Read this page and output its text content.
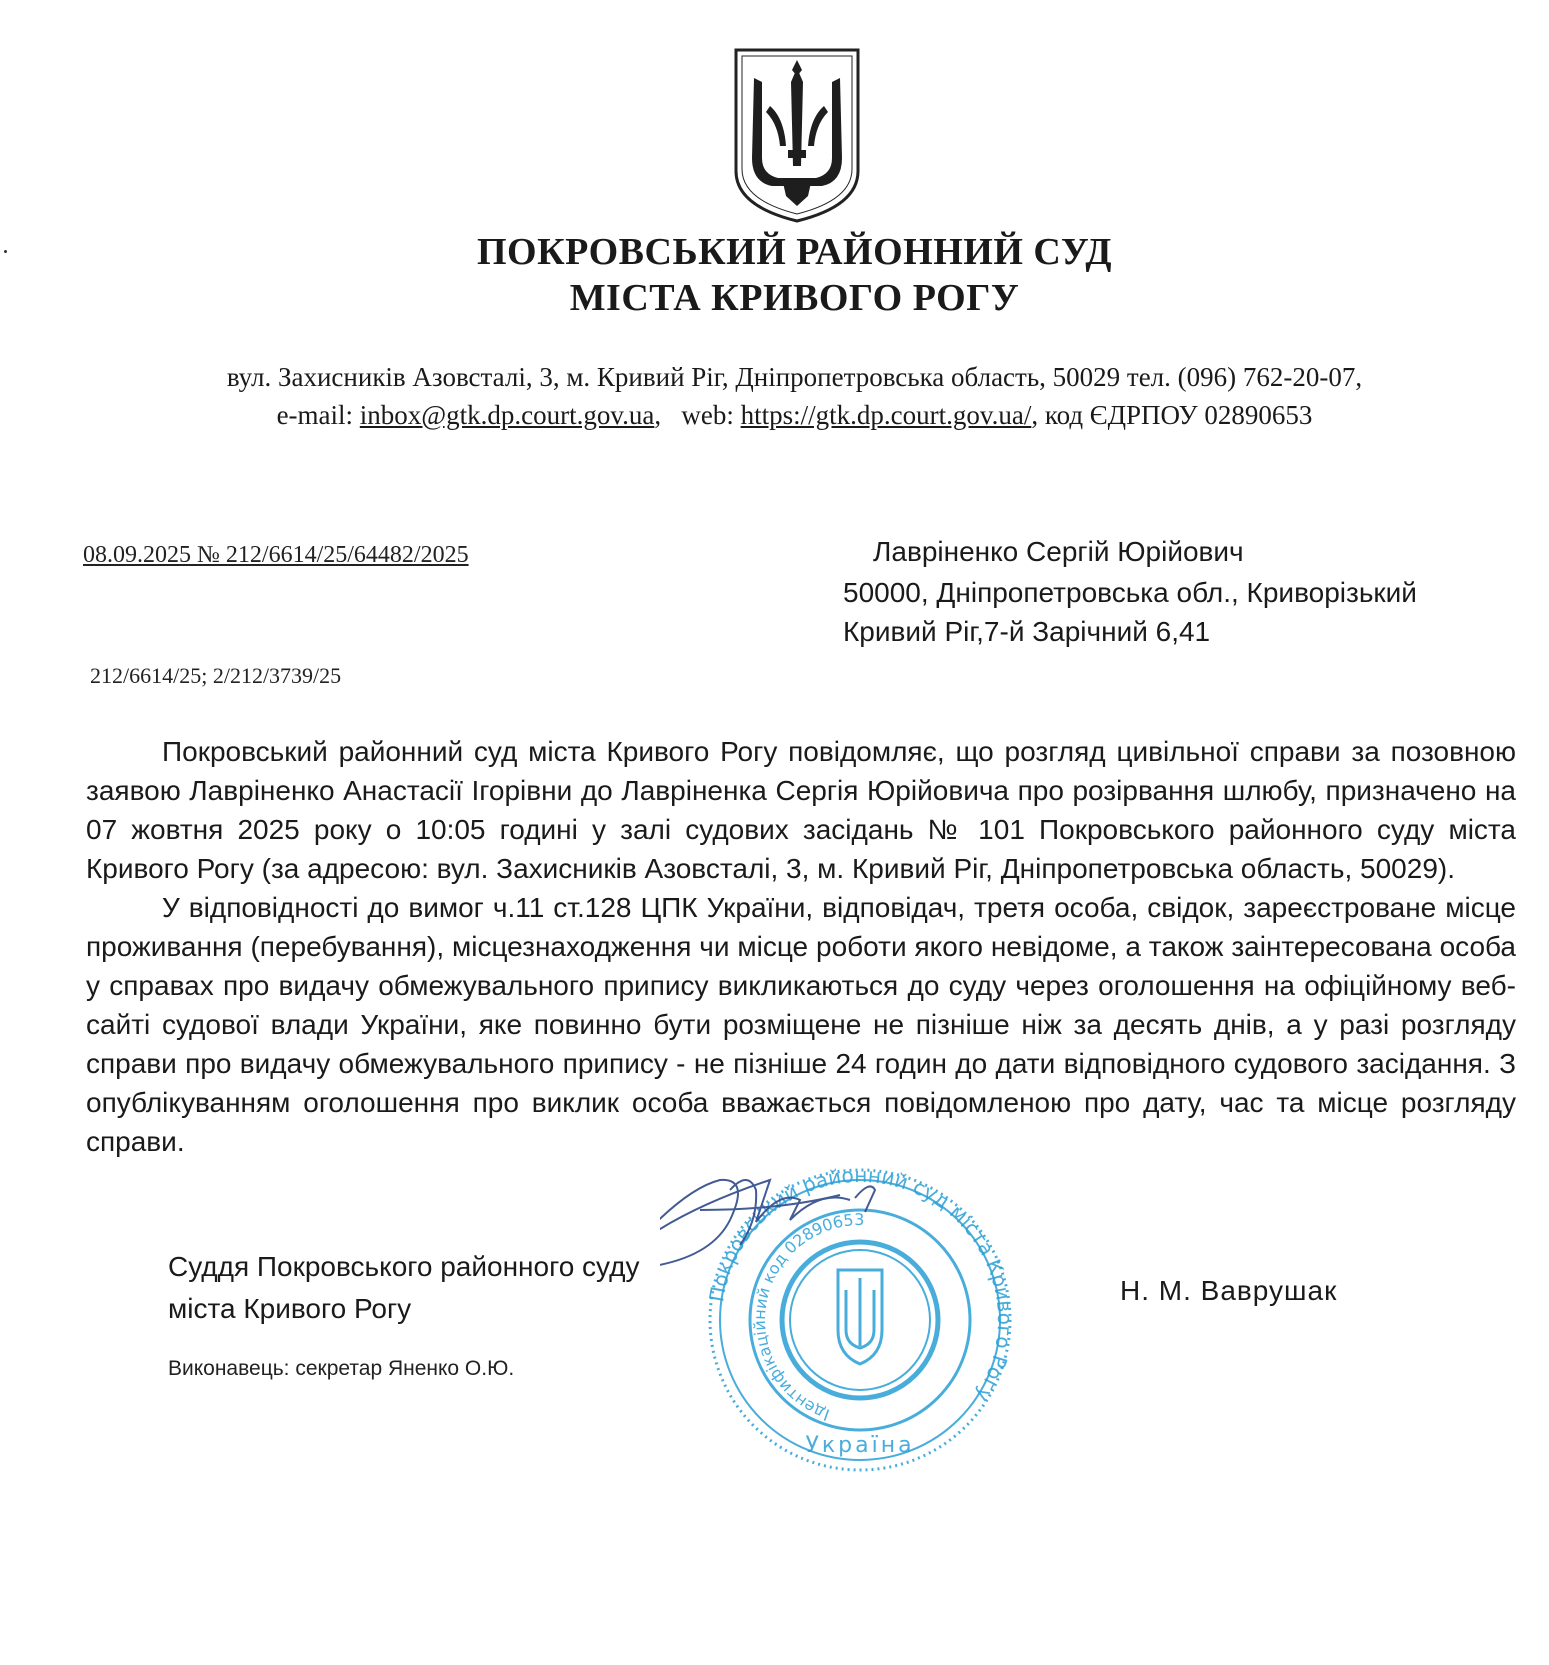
ПОКРОВСЬКИЙ РАЙОННИЙ СУД
МІСТА КРИВОГО РОГУ
вул. Захисників Азовсталі, 3, м. Кривий Ріг, Дніпропетровська область, 50029 тел. (096) 762-20-07,
e-mail: inbox@gtk.dp.court.gov.ua,   web: https://gtk.dp.court.gov.ua/, код ЄДРПОУ 02890653
08.09.2025 № 212/6614/25/64482/2025
212/6614/25; 2/212/3739/25
Лавріненко Сергій Юрійович
50000, Дніпропетровська обл., Криворізький
Кривий Ріг,7-й Зарічний 6,41

Покровський районний суд міста Кривого Рогу повідомляє, що розгляд цивільної справи за позовною заявою Лавріненко Анастасії Ігорівни до Лавріненка Сергія Юрійовича про розірвання шлюбу, призначено на 07 жовтня 2025 року о 10:05 годині у залі судових засідань № 101 Покровського районного суду міста Кривого Рогу (за адресою: вул. Захисників Азовсталі, 3, м. Кривий Ріг, Дніпропетровська область, 50029).

У відповідності до вимог ч.11 ст.128 ЦПК України, відповідач, третя особа, свідок, зареєстроване місце проживання (перебування), місцезнаходження чи місце роботи якого невідоме, а також заінтересована особа у справах про видачу обмежувального припису викликаються до суду через оголошення на офіційному веб-сайті судової влади України, яке повинно бути розміщене не пізніше ніж за десять днів, а у разі розгляду справи про видачу обмежувального припису - не пізніше 24 годин до дати відповідного судового засідання. З опублікуванням оголошення про виклик особа вважається повідомленою про дату, час та місце розгляду справи.

Суддя Покровського районного суду
міста Кривого Рогу
Н. М. Ваврушак
Виконавець: секретар Яненко О.Ю.
Покровський районний суд міста Кривого Рогу
Ідентифікаційний код 02890653
Україна
